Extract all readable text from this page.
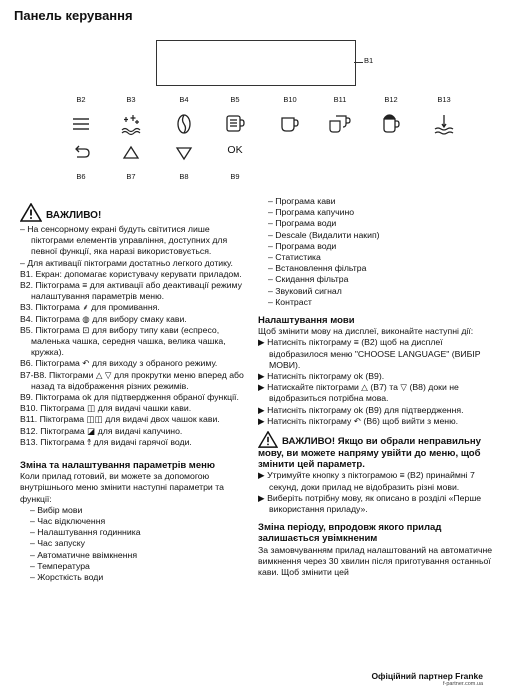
Панель керування
B1
B2	B3	B4	B5	B10	B11	B12	B13
OK
B6	B7	B8	B9

ВАЖЛИВО!

– На сенсорному екрані будуть світитися лише піктограми елементів управління, доступних для певної функції, яка наразі використовується.

– Для активації піктограми достатньо легкого дотику.

B1. Екран: допомагає користувачу керувати приладом.

B2. Піктограма ≡ для активації або деактивації режиму налаштування параметрів меню.

B3. Піктограма ⸙ для промивання.

B4. Піктограма ◍ для вибору смаку кави.

B5. Піктограма ⊡ для вибору типу кави (еспресо, маленька чашка, середня чашка, велика чашка, кружка).

B6. Піктограма ↶ для виходу з обраного режиму.

B7-B8. Піктограми △ ▽ для прокрутки меню вперед або назад та відображення різних режимів.

B9. Піктограма ok для підтвердження обраної функції.

B10. Піктограма ◫ для видачі чашки кави.

B11. Піктограма ◫◫ для видачі двох чашок кави.

B12. Піктограма ◪ для видачі капучино.

B13. Піктограма ⥉ для видачі гарячої води.

Зміна та налаштування параметрів меню

Коли прилад готовий, ви можете за допомогою внутрішнього меню змінити наступні параметри та функції:

– Вибір мови

– Час відключення

– Налаштування годинника

– Час запуску

– Автоматичне ввімкнення

– Температура

– Жорсткість води

– Програма кави

– Програма капучино

– Програма води

– Descale (Видалити накип)

– Програма води

– Статистика

– Встановлення фільтра

– Скидання фільтра

– Звуковий сигнал

– Контраст

Налаштування мови

Щоб змінити мову на дисплеї, виконайте наступні дії:

▶ Натисніть піктограму ≡ (B2) щоб на дисплеї відобразилося меню "CHOOSE LANGUAGE" (ВИБІР МОВИ).

▶ Натисніть піктограму ok (B9).

▶ Натискайте піктограми △ (B7) та ▽ (B8) доки не відобразиться потрібна мова.

▶ Натисніть піктограму ok (B9) для підтвердження.

▶ Натисніть піктограму ↶ (B6) щоб вийти з меню.

ВАЖЛИВО! Якщо ви обрали неправильну мову, ви можете напряму увійти до меню, щоб змінити цей параметр.

▶ Утримуйте кнопку з піктограмою ≡ (B2) принаймні 7 секунд, доки прилад не відобразить різні мови.

▶ Виберіть потрібну мову, як описано в розділі «Перше використання приладу».

Зміна періоду, впродовж якого прилад залишається увімкненим

За замовчуванням прилад налаштований на автоматичне вимкнення через 30 хвилин після приготування останньої кави. Щоб змінити цей

Офіційний партнер Franke
f-partner.com.ua
